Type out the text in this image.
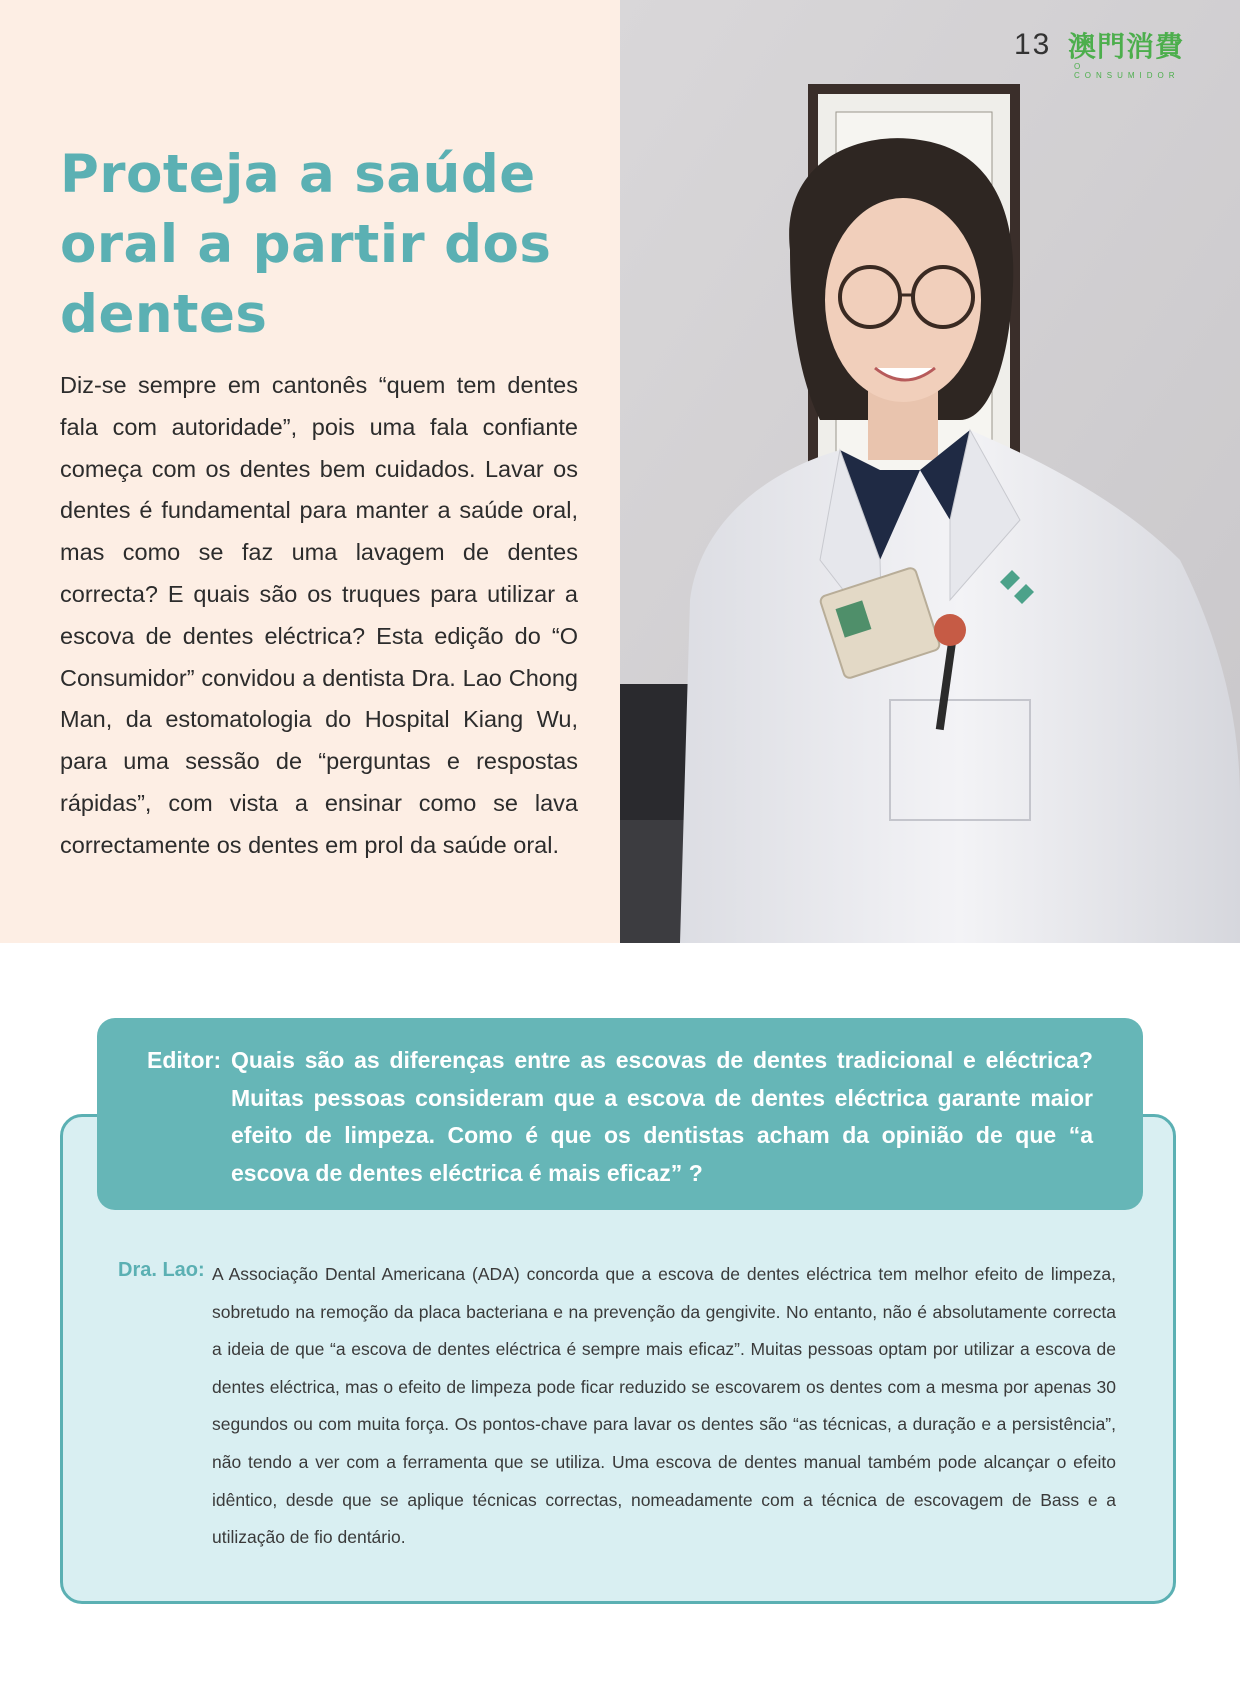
Proteja a saúde oral a partir dos dentes

Diz-se sempre em cantonês “quem tem dentes fala com autoridade”, pois uma fala confiante começa com os dentes bem cuidados. Lavar os dentes é fundamental para manter a saúde oral, mas como se faz uma lavagem de dentes correcta? E quais são os truques para utilizar a escova de dentes eléctrica? Esta edição do “O Consumidor” convidou a dentista Dra. Lao Chong Man, da estomatologia do Hospital Kiang Wu, para uma sessão de “perguntas e respostas rápidas”, com vista a ensinar como se lava correctamente os dentes em prol da saúde oral.

13 澳門消費
O CONSUMIDOR
Editor: Quais são as diferenças entre as escovas de dentes tradicional e eléctrica? Muitas pessoas consideram que a escova de dentes eléctrica garante maior efeito de limpeza. Como é que os dentistas acham da opinião de que “a escova de dentes eléctrica é mais eficaz” ?

Dra. Lao: A Associação Dental Americana (ADA) concorda que a escova de dentes eléctrica tem melhor efeito de limpeza, sobretudo na remoção da placa bacteriana e na prevenção da gengivite. No entanto, não é absolutamente correcta a ideia de que “a escova de dentes eléctrica é sempre mais eficaz”. Muitas pessoas optam por utilizar a escova de dentes eléctrica, mas o efeito de limpeza pode ficar reduzido se escovarem os dentes com a mesma por apenas 30 segundos ou com muita força. Os pontos-chave para lavar os dentes são “as técnicas, a duração e a persistência”, não tendo a ver com a ferramenta que se utiliza. Uma escova de dentes manual também pode alcançar o efeito idêntico, desde que se aplique técnicas correctas, nomeadamente com a técnica de escovagem de Bass e a utilização de fio dentário.
